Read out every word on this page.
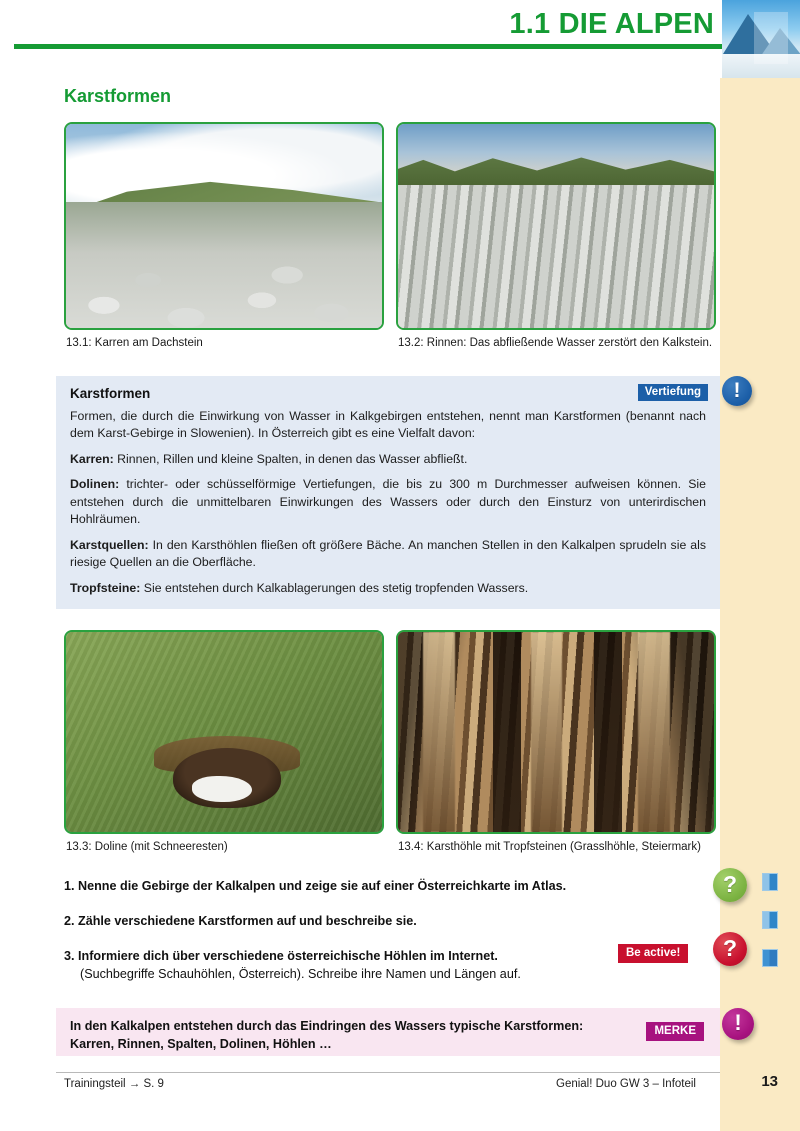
1.1 DIE ALPEN
Karstformen
13.1: Karren am Dachstein	13.2: Rinnen: Das abfließende Wasser zerstört den Kalkstein.
Karstformen	Vertiefung

Formen, die durch die Einwirkung von Wasser in Kalkgebirgen entstehen, nennt man Karstformen (benannt nach dem Karst-Gebirge in Slowenien). In Österreich gibt es eine Vielfalt davon:

Karren: Rinnen, Rillen und kleine Spalten, in denen das Wasser abfließt.

Dolinen: trichter- oder schüsselförmige Vertiefungen, die bis zu 300 m Durchmesser aufweisen können. Sie entstehen durch die unmittelbaren Einwirkungen des Wassers oder durch den Einsturz von unterirdischen Hohlräumen.

Karstquellen: In den Karsthöhlen fließen oft größere Bäche. An manchen Stellen in den Kalkalpen sprudeln sie als riesige Quellen an die Oberfläche.

Tropfsteine: Sie entstehen durch Kalkablagerungen des stetig tropfenden Wassers.

13.3: Doline (mit Schneeresten)	13.4: Karsthöhle mit Tropfsteinen (Grasslhöhle, Steiermark)
1. Nenne die Gebirge der Kalkalpen und zeige sie auf einer Österreichkarte im Atlas.
2. Zähle verschiedene Karstformen auf und beschreibe sie.
3. Informiere dich über verschiedene österreichische Höhlen im Internet.
(Suchbegriffe Schauhöhlen, Österreich). Schreibe ihre Namen und Längen auf.
Be active!
In den Kalkalpen entstehen durch das Eindringen des Wassers typische Karstformen: Karren, Rinnen, Spalten, Dolinen, Höhlen …
MERKE
Trainingsteil → S. 9	Genial! Duo GW 3 – Infoteil	13
!
?
?
!
